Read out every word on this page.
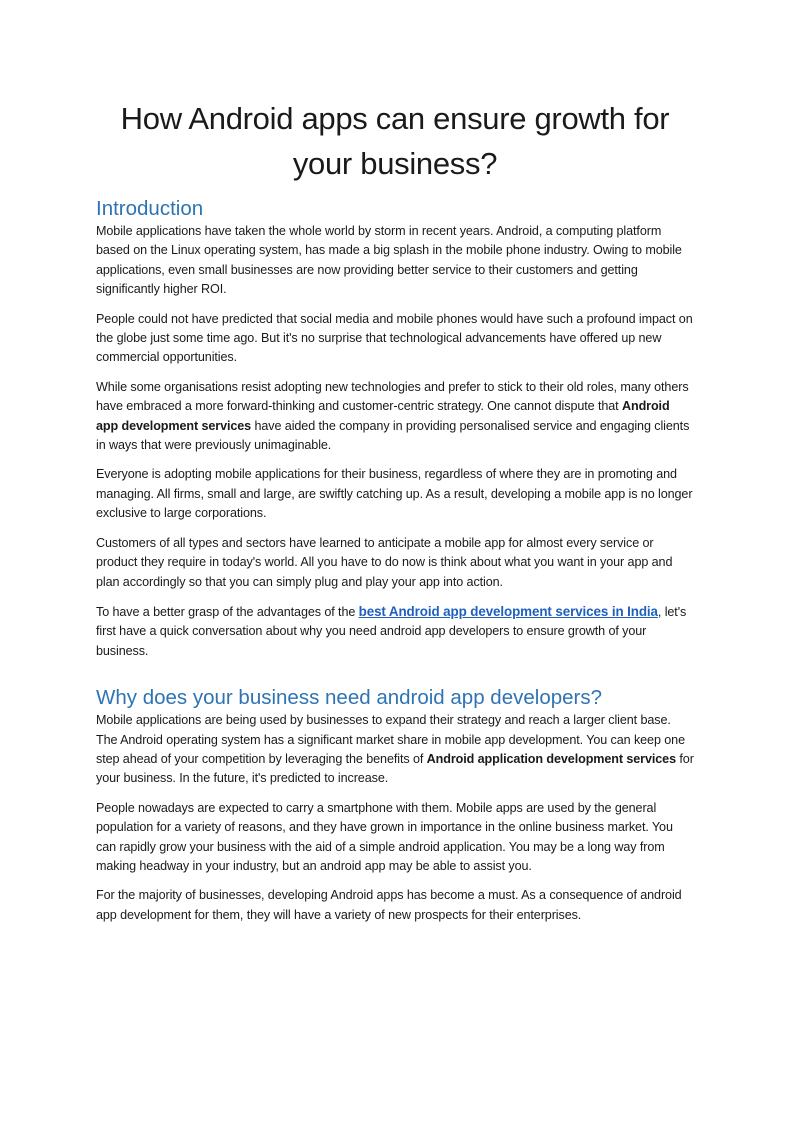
How Android apps can ensure growth for your business?
Introduction

Mobile applications have taken the whole world by storm in recent years. Android, a computing platform based on the Linux operating system, has made a big splash in the mobile phone industry. Owing to mobile applications, even small businesses are now providing better service to their customers and getting significantly higher ROI.

People could not have predicted that social media and mobile phones would have such a profound impact on the globe just some time ago. But it's no surprise that technological advancements have offered up new commercial opportunities.

While some organisations resist adopting new technologies and prefer to stick to their old roles, many others have embraced a more forward-thinking and customer-centric strategy. One cannot dispute that Android app development services have aided the company in providing personalised service and engaging clients in ways that were previously unimaginable.

Everyone is adopting mobile applications for their business, regardless of where they are in promoting and managing. All firms, small and large, are swiftly catching up. As a result, developing a mobile app is no longer exclusive to large corporations.

Customers of all types and sectors have learned to anticipate a mobile app for almost every service or product they require in today's world. All you have to do now is think about what you want in your app and plan accordingly so that you can simply plug and play your app into action.

To have a better grasp of the advantages of the best Android app development services in India, let's first have a quick conversation about why you need android app developers to ensure growth of your business.

Why does your business need android app developers?

Mobile applications are being used by businesses to expand their strategy and reach a larger client base. The Android operating system has a significant market share in mobile app development. You can keep one step ahead of your competition by leveraging the benefits of Android application development services for your business. In the future, it's predicted to increase.

People nowadays are expected to carry a smartphone with them. Mobile apps are used by the general population for a variety of reasons, and they have grown in importance in the online business market. You can rapidly grow your business with the aid of a simple android application. You may be a long way from making headway in your industry, but an android app may be able to assist you.

For the majority of businesses, developing Android apps has become a must. As a consequence of android app development for them, they will have a variety of new prospects for their enterprises.
